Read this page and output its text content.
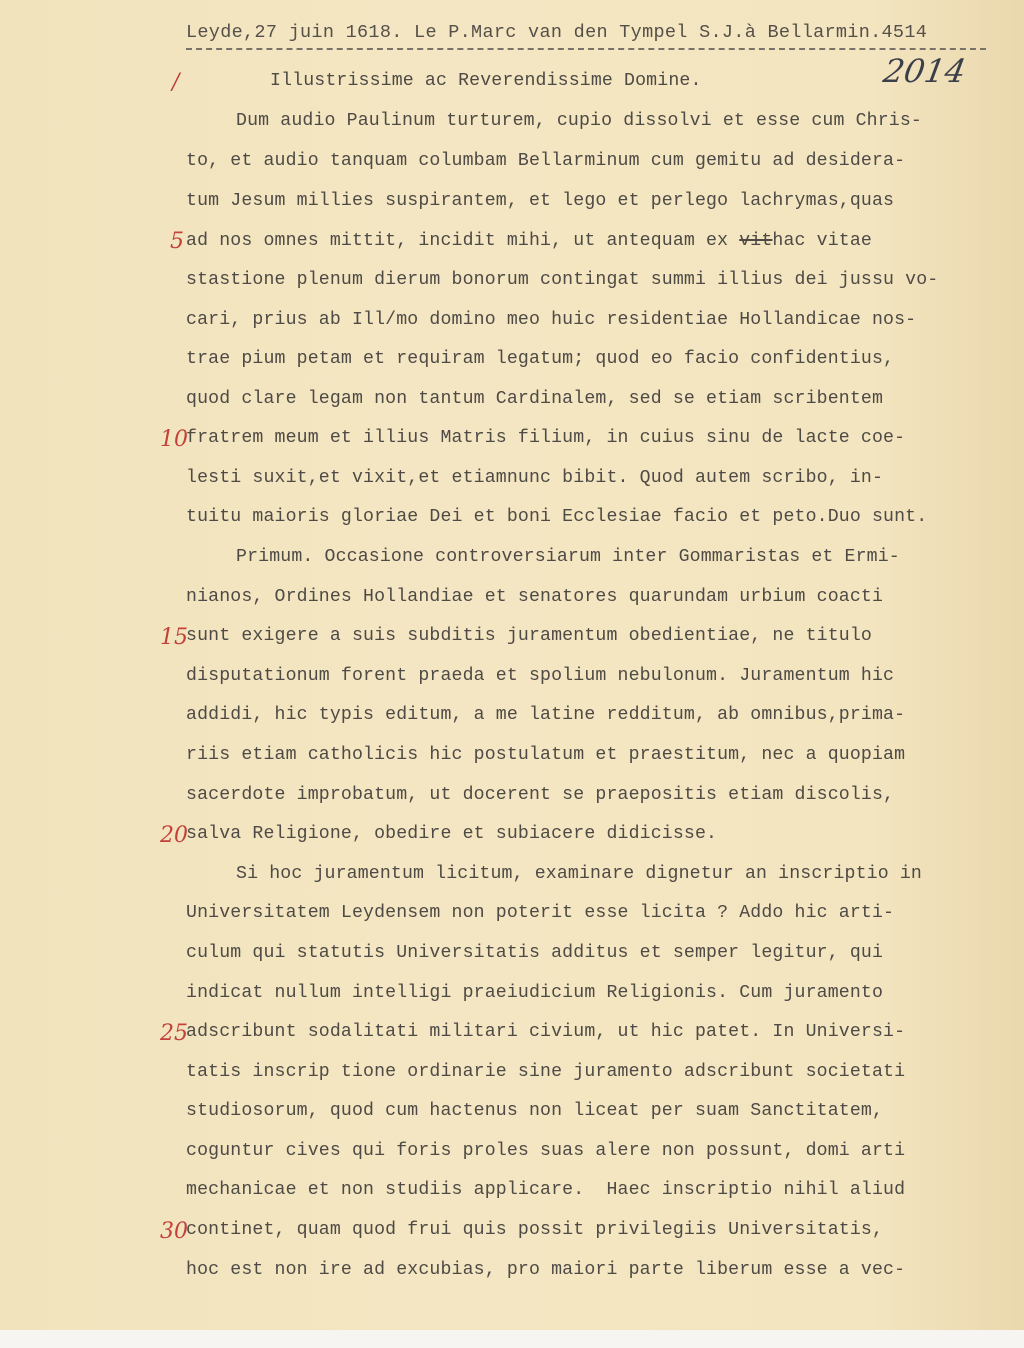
Leyde,27 juin 1618. Le P.Marc van den Tympel S.J.à Bellarmin.4514
2014
/	Illustrissime ac Reverendissime Domine.
Dum audio Paulinum turturem, cupio dissolvi et esse cum Chris-
to, et audio tanquam columbam Bellarminum cum gemitu ad desidera-
tum Jesum millies suspirantem, et lego et perlego lachrymas,quas
5 ad nos omnes mittit, incidit mihi, ut antequam ex vithac vitae
stastione plenum dierum bonorum contingat summi illius dei jussu vo-
cari, prius ab Ill/mo domino meo huic residentiae Hollandicae nos-
trae pium petam et requiram legatum; quod eo facio confidentius,
quod clare legam non tantum Cardinalem, sed se etiam scribentem
10
fratrem meum et illius Matris filium, in cuius sinu de lacte coe-
lesti suxit,et vixit,et etiamnunc bibit. Quod autem scribo, in-
tuitu maioris gloriae Dei et boni Ecclesiae facio et peto.Duo sunt.
Primum. Occasione controversiarum inter Gommaristas et Ermi-
nianos, Ordines Hollandiae et senatores quarundam urbium coacti
15
sunt exigere a suis subditis juramentum obedientiae, ne titulo
disputationum forent praeda et spolium nebulonum. Juramentum hic
addidi, hic typis editum, a me latine redditum, ab omnibus,prima-
riis etiam catholicis hic postulatum et praestitum, nec a quopiam
sacerdote improbatum, ut docerent se praepositis etiam discolis,
20
salva Religione, obedire et subiacere didicisse.
Si hoc juramentum licitum, examinare dignetur an inscriptio in
Universitatem Leydensem non poterit esse licita ? Addo hic arti-
culum qui statutis Universitatis additus et semper legitur, qui
indicat nullum intelligi praeiudicium Religionis. Cum juramento
25
adscribunt sodalitati militari civium, ut hic patet. In Universi-
tatis inscrip tione ordinarie sine juramento adscribunt societati
studiosorum, quod cum hactenus non liceat per suam Sanctitatem,
coguntur cives qui foris proles suas alere non possunt, domi arti
mechanicae et non studiis applicare.  Haec inscriptio nihil aliud
30
continet, quam quod frui quis possit privilegiis Universitatis,
hoc est non ire ad excubias, pro maiori parte liberum esse a vec-
